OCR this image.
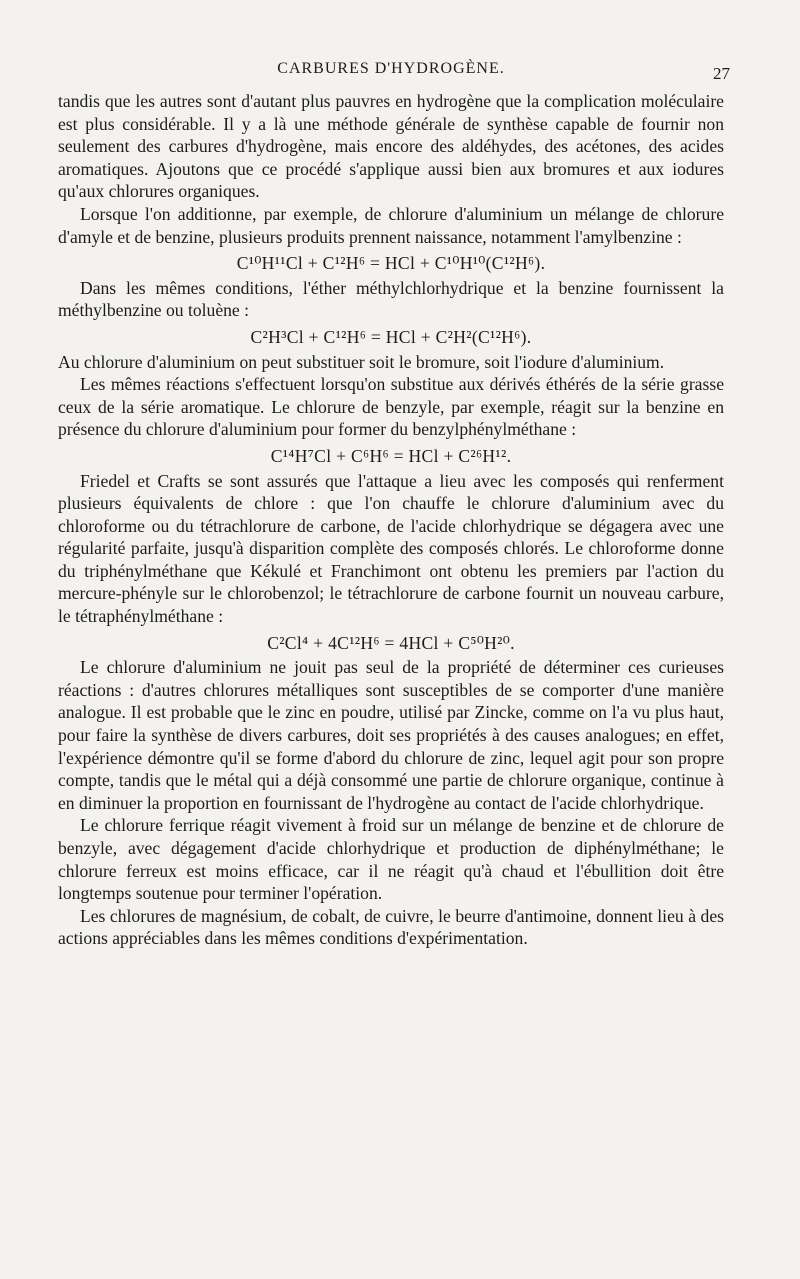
CARBURES D'HYDROGÈNE.	27

tandis que les autres sont d'autant plus pauvres en hydrogène que la complication moléculaire est plus considérable. Il y a là une méthode générale de synthèse capable de fournir non seulement des carbures d'hydrogène, mais encore des aldéhydes, des acétones, des acides aromatiques. Ajoutons que ce procédé s'applique aussi bien aux bromures et aux iodures qu'aux chlorures organiques.

Lorsque l'on additionne, par exemple, de chlorure d'aluminium un mélange de chlorure d'amyle et de benzine, plusieurs produits prennent naissance, notamment l'amylbenzine :

C¹⁰H¹¹Cl + C¹²H⁶ = HCl + C¹⁰H¹⁰(C¹²H⁶).

Dans les mêmes conditions, l'éther méthylchlorhydrique et la benzine fournissent la méthylbenzine ou toluène :

C²H³Cl + C¹²H⁶ = HCl + C²H²(C¹²H⁶).

Au chlorure d'aluminium on peut substituer soit le bromure, soit l'iodure d'aluminium.

Les mêmes réactions s'effectuent lorsqu'on substitue aux dérivés éthérés de la série grasse ceux de la série aromatique. Le chlorure de benzyle, par exemple, réagit sur la benzine en présence du chlorure d'aluminium pour former du benzylphénylméthane :

C¹⁴H⁷Cl + C⁶H⁶ = HCl + C²⁶H¹².

Friedel et Crafts se sont assurés que l'attaque a lieu avec les composés qui renferment plusieurs équivalents de chlore : que l'on chauffe le chlorure d'aluminium avec du chloroforme ou du tétrachlorure de carbone, de l'acide chlorhydrique se dégagera avec une régularité parfaite, jusqu'à disparition complète des composés chlorés. Le chloroforme donne du triphénylméthane que Kékulé et Franchimont ont obtenu les premiers par l'action du mercure-phényle sur le chlorobenzol; le tétrachlorure de carbone fournit un nouveau carbure, le tétraphénylméthane :

C²Cl⁴ + 4C¹²H⁶ = 4HCl + C⁵⁰H²⁰.

Le chlorure d'aluminium ne jouit pas seul de la propriété de déterminer ces curieuses réactions : d'autres chlorures métalliques sont susceptibles de se comporter d'une manière analogue. Il est probable que le zinc en poudre, utilisé par Zincke, comme on l'a vu plus haut, pour faire la synthèse de divers carbures, doit ses propriétés à des causes analogues; en effet, l'expérience démontre qu'il se forme d'abord du chlorure de zinc, lequel agit pour son propre compte, tandis que le métal qui a déjà consommé une partie de chlorure organique, continue à en diminuer la proportion en fournissant de l'hydrogène au contact de l'acide chlorhydrique.

Le chlorure ferrique réagit vivement à froid sur un mélange de benzine et de chlorure de benzyle, avec dégagement d'acide chlorhydrique et production de diphénylméthane; le chlorure ferreux est moins efficace, car il ne réagit qu'à chaud et l'ébullition doit être longtemps soutenue pour terminer l'opération.

Les chlorures de magnésium, de cobalt, de cuivre, le beurre d'antimoine, donnent lieu à des actions appréciables dans les mêmes conditions d'expérimentation.
